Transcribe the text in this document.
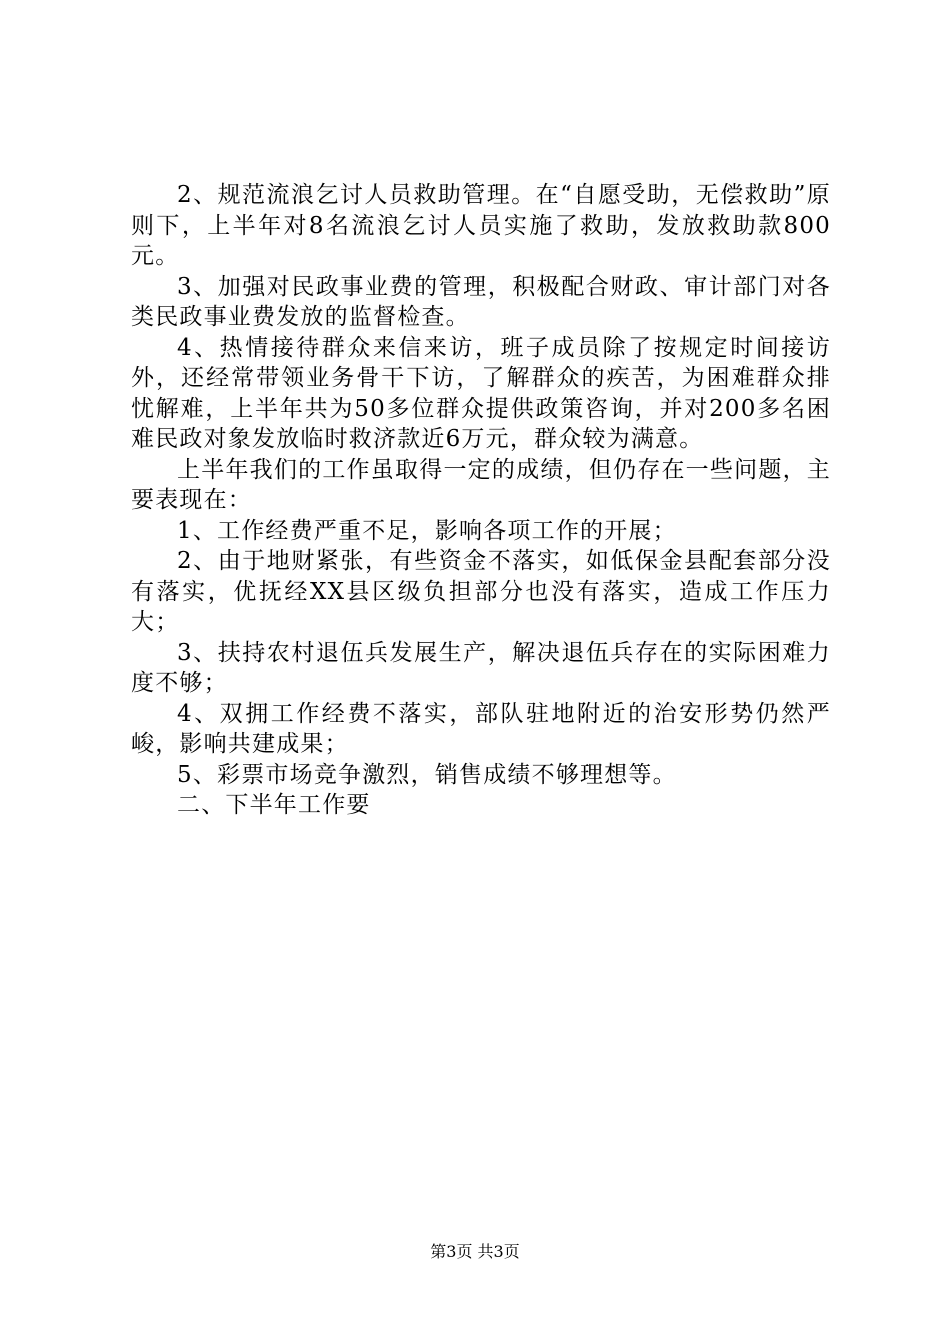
2、规范流浪乞讨人员救助管理。在“自愿受助，无偿救助”原则下，上半年对8名流浪乞讨人员实施了救助，发放救助款800元。

3、加强对民政事业费的管理，积极配合财政、审计部门对各类民政事业费发放的监督检查。

4、热情接待群众来信来访，班子成员除了按规定时间接访外，还经常带领业务骨干下访，了解群众的疾苦，为困难群众排忧解难，上半年共为50多位群众提供政策咨询，并对200多名困难民政对象发放临时救济款近6万元，群众较为满意。

上半年我们的工作虽取得一定的成绩，但仍存在一些问题，主要表现在：

1、工作经费严重不足，影响各项工作的开展；

2、由于地财紧张，有些资金不落实，如低保金县配套部分没有落实，优抚经XX县区级负担部分也没有落实，造成工作压力大；

3、扶持农村退伍兵发展生产，解决退伍兵存在的实际困难力度不够；

4、双拥工作经费不落实，部队驻地附近的治安形势仍然严峻，影响共建成果；

5、彩票市场竞争激烈，销售成绩不够理想等。

二、下半年工作要

第3页 共3页
